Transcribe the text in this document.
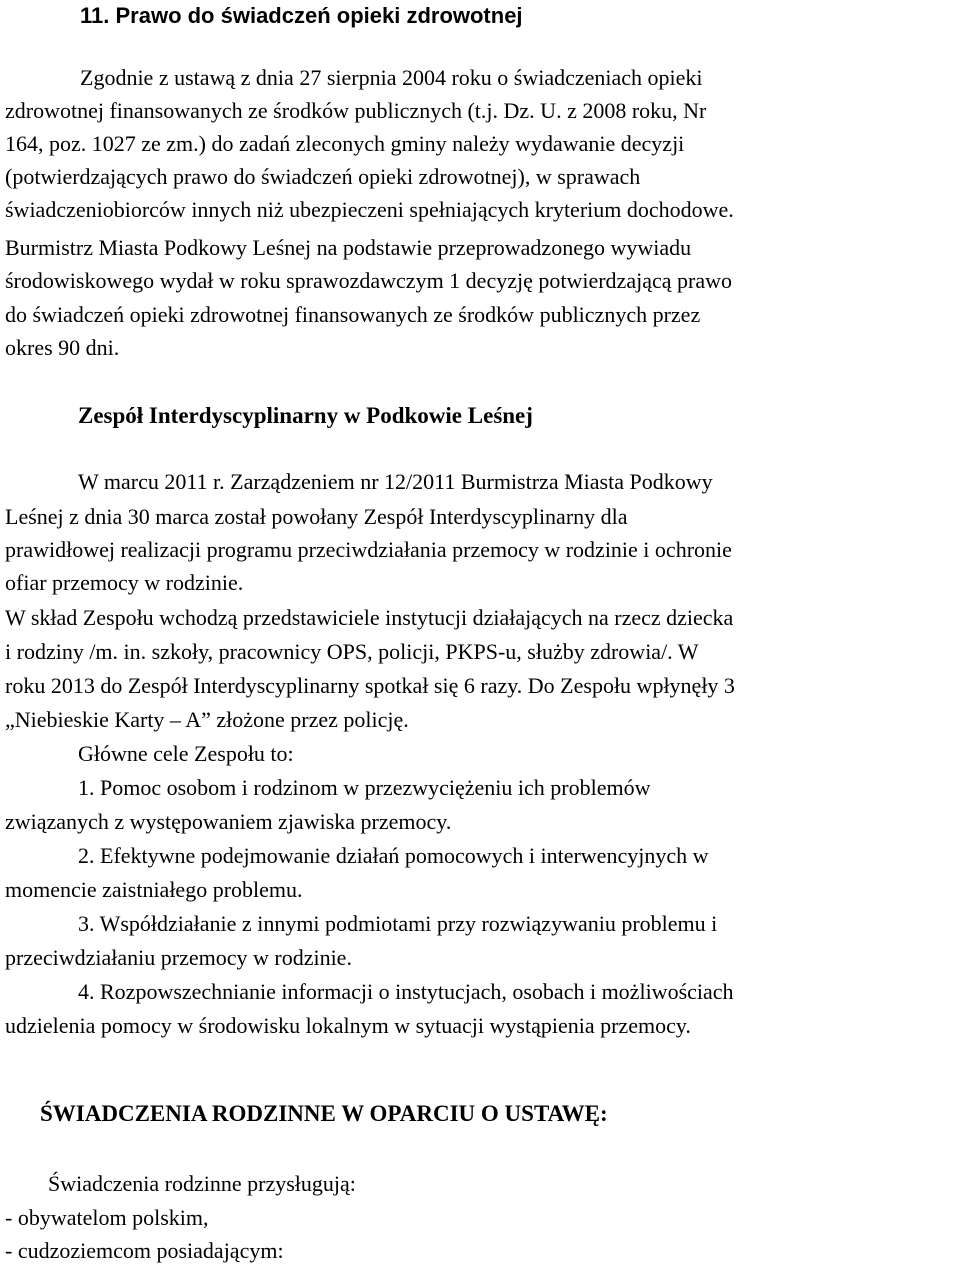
11. Prawo do świadczeń opieki zdrowotnej
Zgodnie z ustawą z dnia 27 sierpnia 2004 roku o świadczeniach opieki
zdrowotnej finansowanych ze środków publicznych (t.j. Dz. U. z 2008 roku, Nr
164, poz. 1027 ze zm.) do zadań zleconych gminy należy wydawanie decyzji
(potwierdzających prawo do świadczeń opieki zdrowotnej), w sprawach
świadczeniobiorców innych niż ubezpieczeni spełniających kryterium dochodowe.
Burmistrz Miasta Podkowy Leśnej na podstawie przeprowadzonego wywiadu
środowiskowego wydał w roku sprawozdawczym 1 decyzję potwierdzającą prawo
do świadczeń opieki zdrowotnej finansowanych ze środków publicznych przez
okres 90 dni.
Zespół Interdyscyplinarny w Podkowie Leśnej
W marcu 2011 r. Zarządzeniem nr 12/2011 Burmistrza Miasta Podkowy
Leśnej z dnia 30 marca został powołany Zespół Interdyscyplinarny dla
prawidłowej realizacji programu przeciwdziałania przemocy w rodzinie i ochronie
ofiar przemocy w rodzinie.
W skład Zespołu wchodzą przedstawiciele instytucji działających na rzecz dziecka
i rodziny /m. in. szkoły, pracownicy OPS, policji, PKPS-u, służby zdrowia/. W
roku 2013 do Zespół Interdyscyplinarny spotkał się 6 razy. Do Zespołu wpłynęły 3
„Niebieskie Karty – A” złożone przez policję.
Główne cele Zespołu to:
1. Pomoc osobom i rodzinom w przezwyciężeniu ich problemów
związanych z występowaniem zjawiska przemocy.
2. Efektywne podejmowanie działań pomocowych i interwencyjnych w
momencie zaistniałego problemu.
3. Współdziałanie z innymi podmiotami przy rozwiązywaniu problemu i
przeciwdziałaniu przemocy w rodzinie.
4. Rozpowszechnianie informacji o instytucjach, osobach i możliwościach
udzielenia pomocy w środowisku lokalnym w sytuacji wystąpienia przemocy.
ŚWIADCZENIA RODZINNE W OPARCIU O USTAWĘ:
Świadczenia rodzinne przysługują:
- obywatelom polskim,
- cudzoziemcom posiadającym:
